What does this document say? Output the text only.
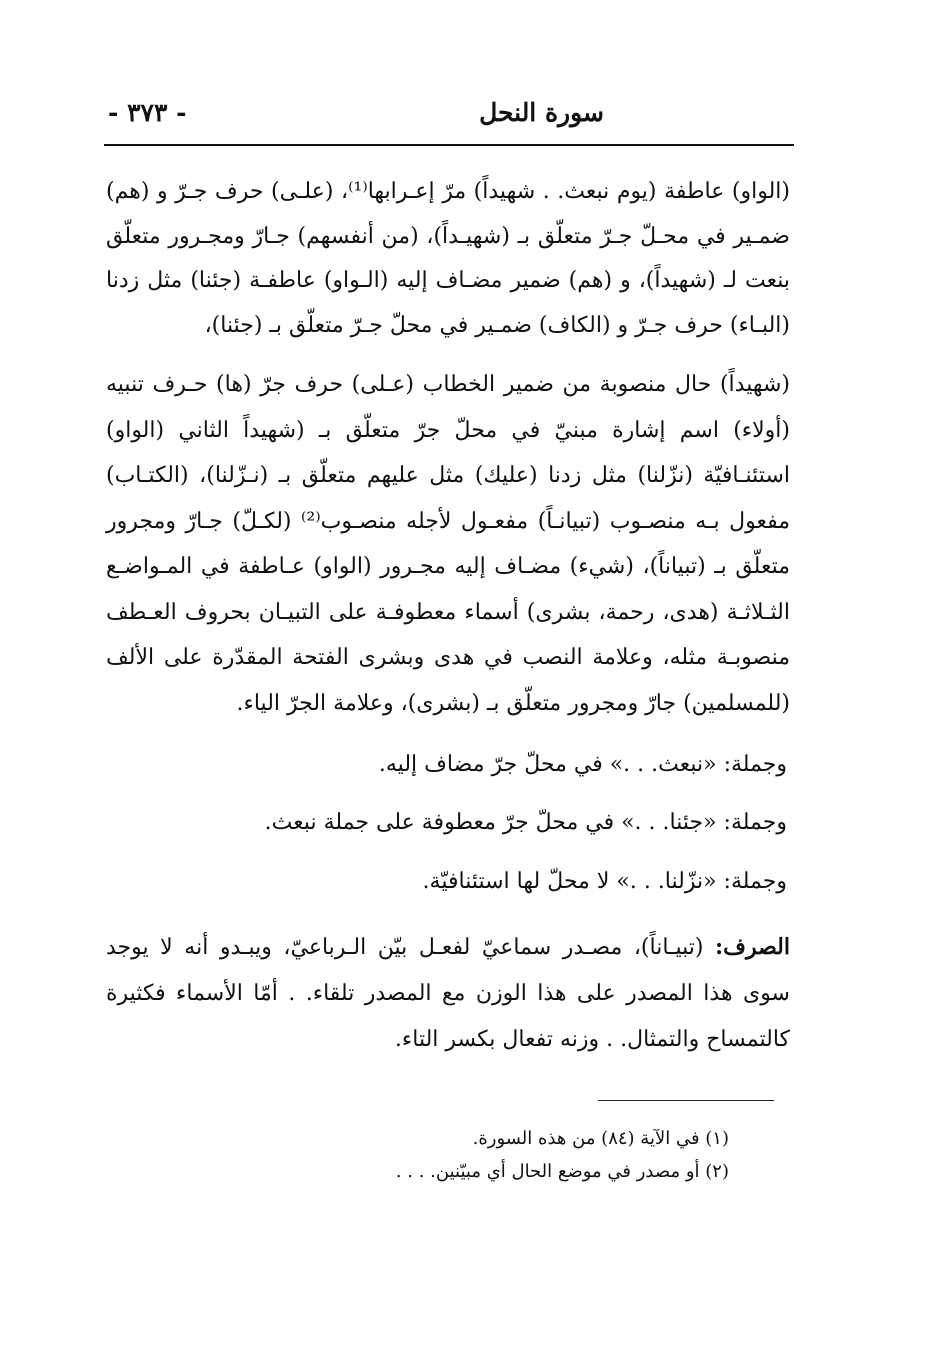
سورة النحل
- ٣٧٣ -
(الواو) عاطفة (يوم نبعث. . شهيداً) مرّ إعـرابها⁽¹⁾، (علـى) حرف جـرّ و (هم) ضمـير في محـلّ جـرّ متعلّق بـ (شهيـداً)، (من أنفسهم) جـارّ ومجـرور متعلّق بنعت لـ (شهيداً)، و (هم) ضمير مضـاف إليه (الـواو) عاطفـة (جئنا) مثل زدنا (البـاء) حرف جـرّ و (الكاف) ضمـير في محلّ جـرّ متعلّق بـ (جئنا)،
(شهيداً) حال منصوبة من ضمير الخطاب (عـلى) حرف جرّ (ها) حـرف تنبيه (أولاء) اسم إشارة مبنيّ في محلّ جرّ متعلّق بـ (شهيداً الثاني (الواو) استئنـافيّة (نزّلنا) مثل زدنا (عليك) مثل عليهم متعلّق بـ (نـزّلنا)، (الكتـاب) مفعول بـه منصـوب (تبيانـاً) مفعـول لأجله منصـوب⁽²⁾ (لكـلّ) جـارّ ومجرور متعلّق بـ (تبياناً)، (شيء) مضـاف إليه مجـرور (الواو) عـاطفة في المـواضـع الثـلاثـة (هدى، رحمة، بشرى) أسماء معطوفـة على التبيـان بحروف العـطف منصوبـة مثله، وعلامة النصب في هدى وبشرى الفتحة المقدّرة على الألف (للمسلمين) جارّ ومجرور متعلّق بـ (بشرى)، وعلامة الجرّ الياء.
وجملة: «نبعث. . .» في محلّ جرّ مضاف إليه.
وجملة: «جئنا. . .» في محلّ جرّ معطوفة على جملة نبعث.
وجملة: «نزّلنا. . .» لا محلّ لها استئنافيّة.
الصرف: (تبيـاناً)، مصـدر سماعيّ لفعـل بيّن الـرباعيّ، ويبـدو أنه لا يوجد سوى هذا المصدر على هذا الوزن مع المصدر تلقاء. . أمّا الأسماء فكثيرة كالتمساح والتمثال. . وزنه تفعال بكسر التاء.
(١) في الآية (٨٤) من هذه السورة.
(٢) أو مصدر في موضع الحال أي مبيّنين. . . .
